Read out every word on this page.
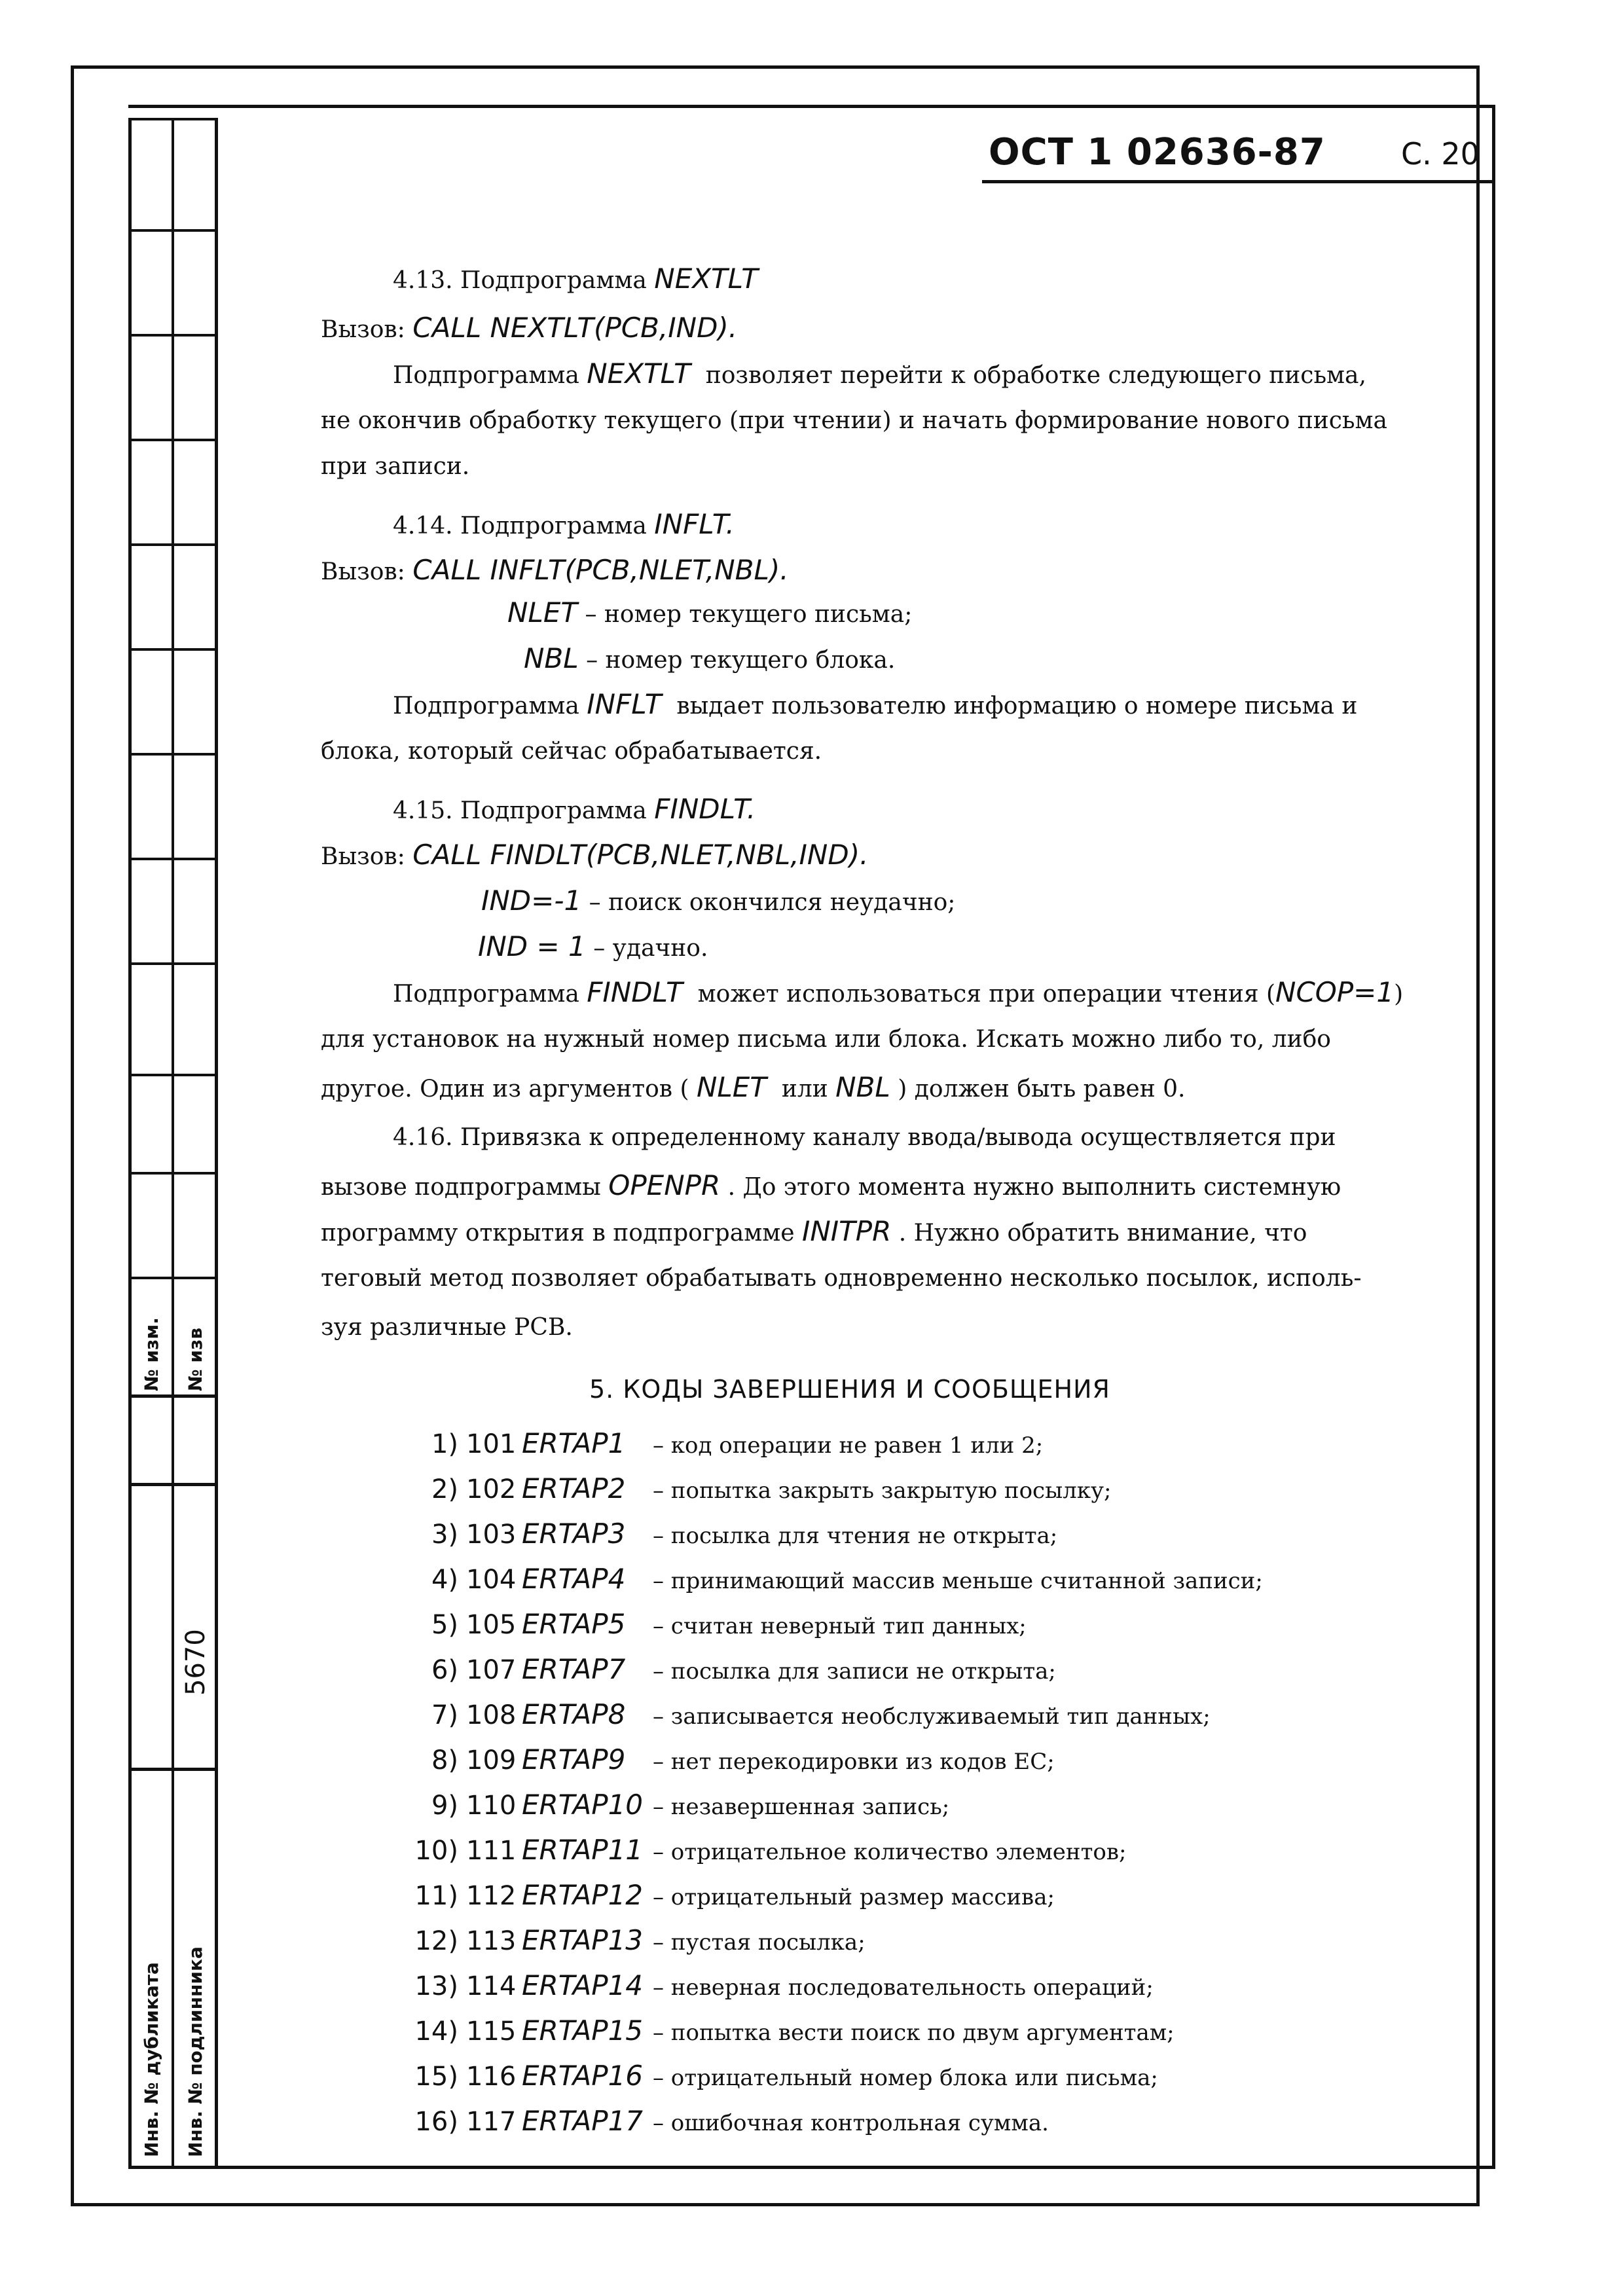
№ изм. № изв
5670
Инв. № дубликата Инв. № подлинника
ОСТ 1 02636-87	С. 20
4.13. Подпрограмма NEXTLT
Вызов: CALL NEXTLT(PCB,IND).
Подпрограмма NEXTLT позволяет перейти к обработке следующего письма,
не окончив обработку текущего (при чтении) и начать формирование нового письма
при записи.
4.14. Подпрограмма INFLT.
Вызов: CALL INFLT(PCB,NLET,NBL).
NLET – номер текущего письма;
NBL – номер текущего блока.
Подпрограмма INFLT выдает пользователю информацию о номере письма и
блока, который сейчас обрабатывается.
4.15. Подпрограмма FINDLT.
Вызов: CALL FINDLT(PCB,NLET,NBL,IND).
IND=-1 – поиск окончился неудачно;
IND = 1 – удачно.
Подпрограмма FINDLT может использоваться при операции чтения (NCOP=1)
для установок на нужный номер письма или блока. Искать можно либо то, либо
другое. Один из аргументов ( NLET или NBL ) должен быть равен 0.
4.16. Привязка к определенному каналу ввода/вывода осуществляется при
вызове подпрограммы OPENPR . До этого момента нужно выполнить системную
программу открытия в подпрограмме INITPR . Нужно обратить внимание, что
теговый метод позволяет обрабатывать одновременно несколько посылок, исполь-
зуя различные PCB.
5. КОДЫ ЗАВЕРШЕНИЯ И СООБЩЕНИЯ
1) 101 ERTAP1 – код операции не равен 1 или 2;
2) 102 ERTAP2 – попытка закрыть закрытую посылку;
3) 103 ERTAP3 – посылка для чтения не открыта;
4) 104 ERTAP4 – принимающий массив меньше считанной записи;
5) 105 ERTAP5 – считан неверный тип данных;
6) 107 ERTAP7 – посылка для записи не открыта;
7) 108 ERTAP8 – записывается необслуживаемый тип данных;
8) 109 ERTAP9 – нет перекодировки из кодов ЕС;
9) 110 ERTAP10 – незавершенная запись;
10) 111 ERTAP11 – отрицательное количество элементов;
11) 112 ERTAP12 – отрицательный размер массива;
12) 113 ERTAP13 – пустая посылка;
13) 114 ERTAP14 – неверная последовательность операций;
14) 115 ERTAP15 – попытка вести поиск по двум аргументам;
15) 116 ERTAP16 – отрицательный номер блока или письма;
16) 117 ERTAP17 – ошибочная контрольная сумма.
